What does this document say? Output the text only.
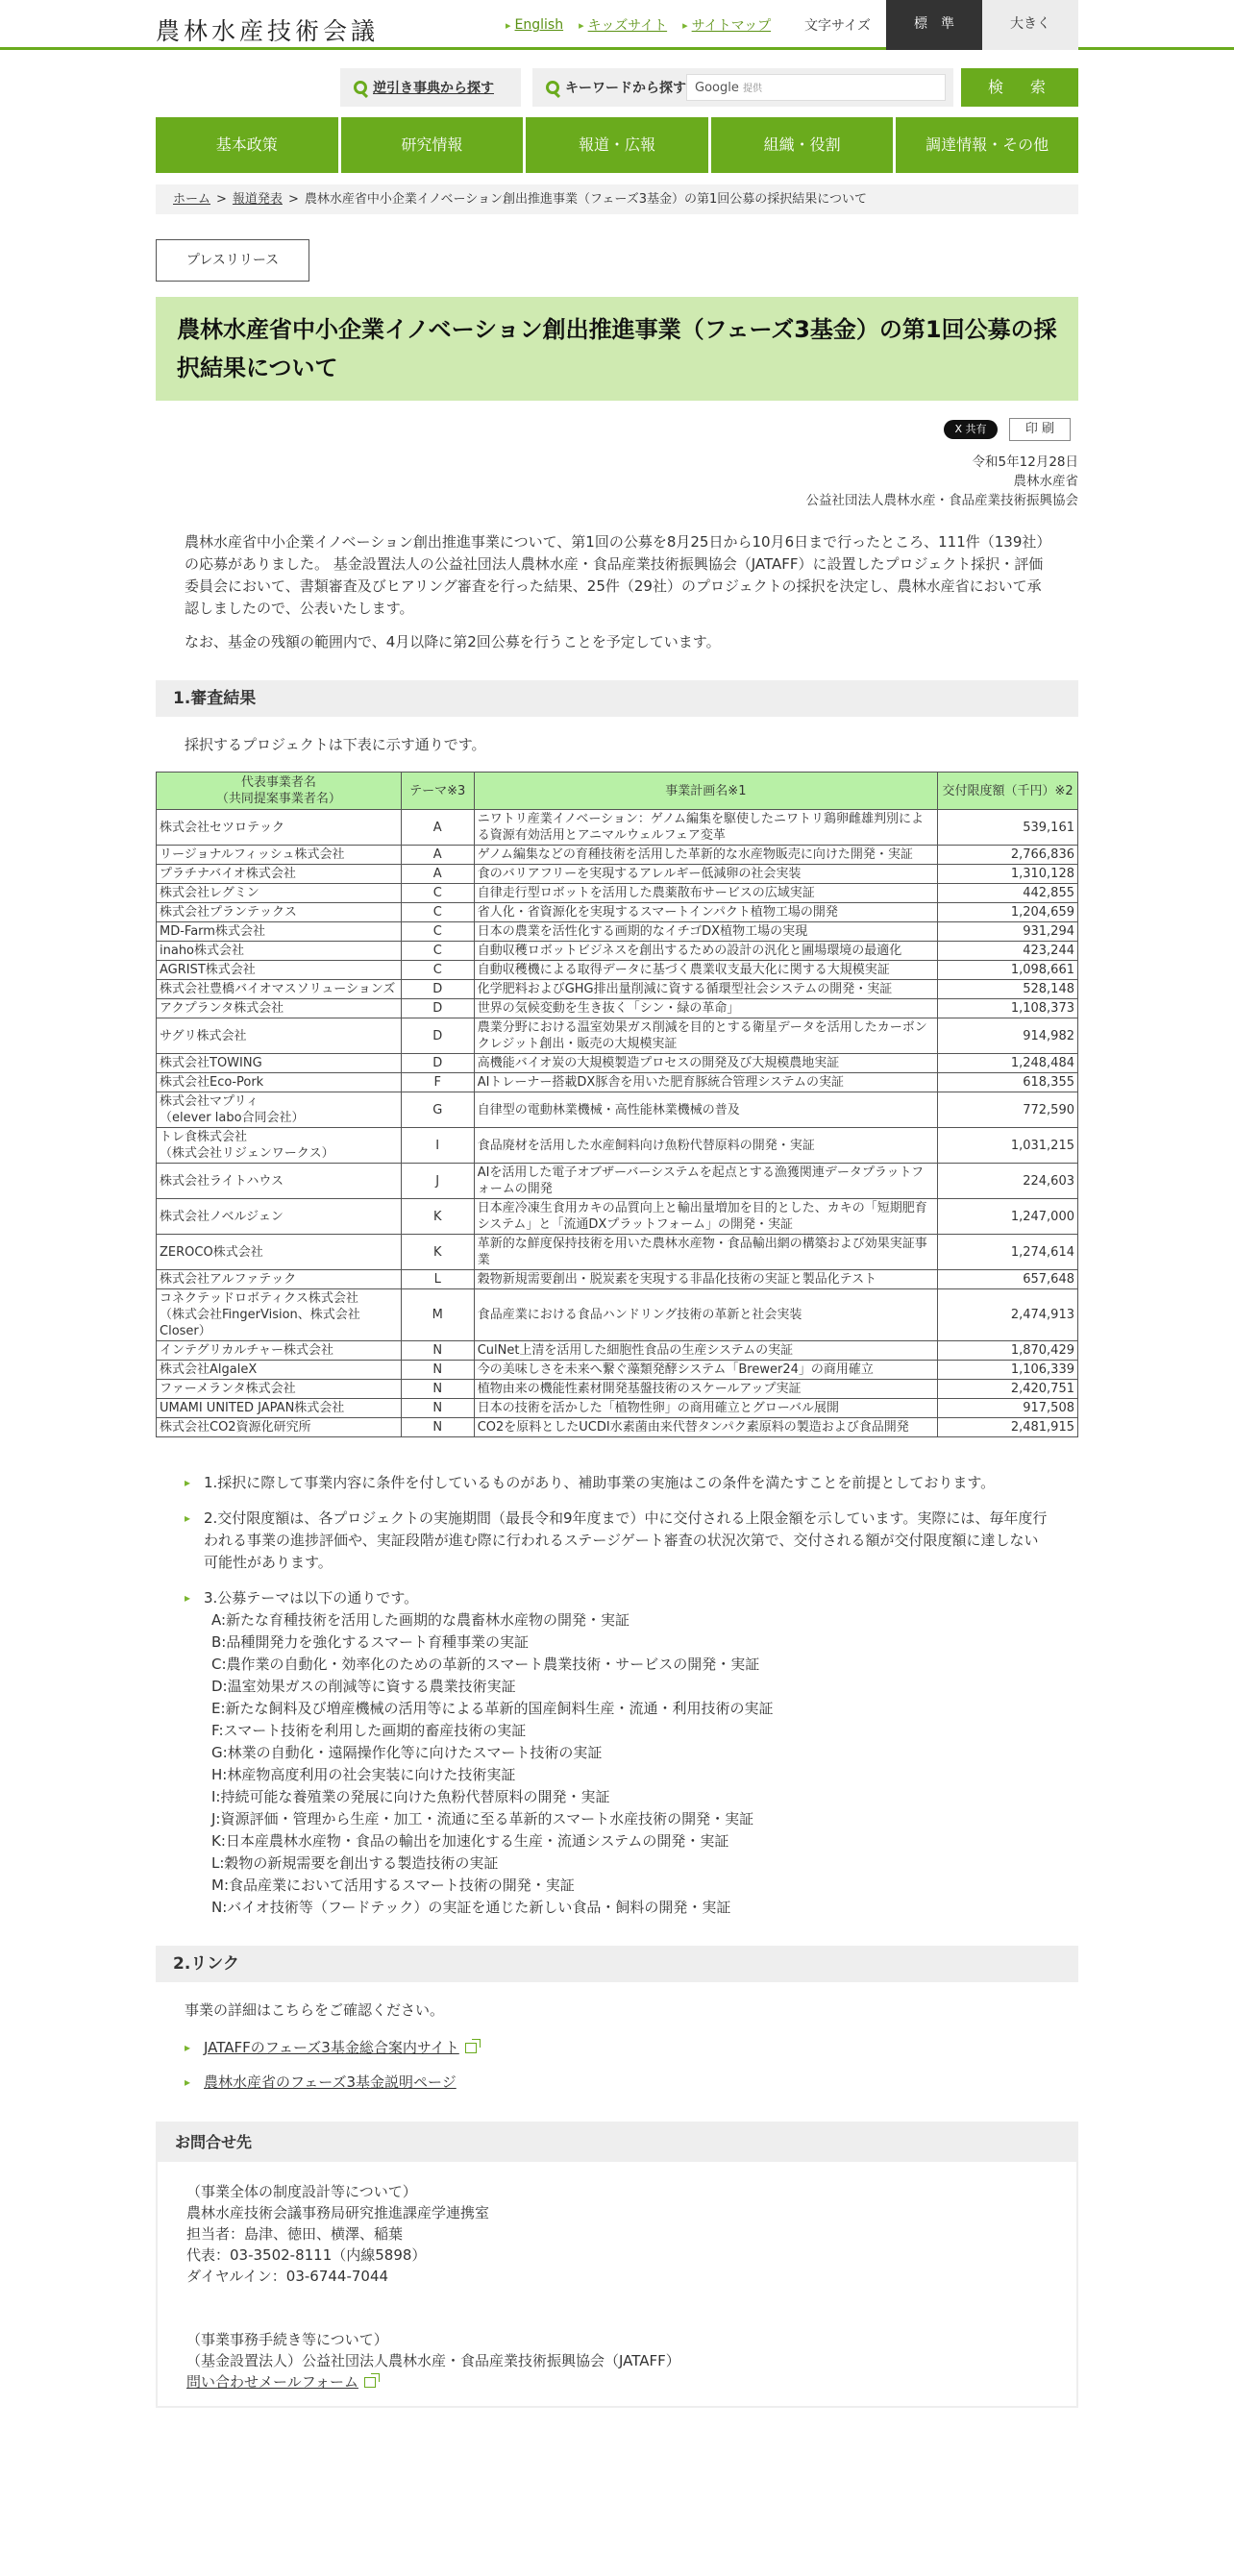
農林水産技術会議	▸ English ▸ キッズサイト ▸ サイトマップ 文字サイズ	標　準	大きく
逆引き事典から探す	キーワードから探す Google 提供	検　索
基本政策	研究情報	報道・広報	組織・役割	調達情報・その他
ホーム > 報道発表 > 農林水産省中小企業イノベーション創出推進事業（フェーズ3基金）の第1回公募の採択結果について
プレスリリース
農林水産省中小企業イノベーション創出推進事業（フェーズ3基金）の第1回公募の採択結果について
X 共有	印 刷
令和5年12月28日
農林水産省
公益社団法人農林水産・食品産業技術振興協会

農林水産省中小企業イノベーション創出推進事業について、第1回の公募を8月25日から10月6日まで行ったところ、111件（139社）の応募がありました。 基金設置法人の公益社団法人農林水産・食品産業技術振興協会（JATAFF）に設置したプロジェクト採択・評価委員会において、書類審査及びヒアリング審査を行った結果、25件（29社）のプロジェクトの採択を決定し、農林水産省において承認しましたので、公表いたします。

なお、基金の残額の範囲内で、4月以降に第2回公募を行うことを予定しています。

1.審査結果
採択するプロジェクトは下表に示す通りです。
代表事業者名
（共同提案事業者名）	テーマ※3	事業計画名※1	交付限度額（千円）※2
株式会社セツロテック	A	ニワトリ産業イノベーション：ゲノム編集を駆使したニワトリ鶏卵雌雄判別による資源有効活用とアニマルウェルフェア変革	539,161
リージョナルフィッシュ株式会社	A	ゲノム編集などの育種技術を活用した革新的な水産物販売に向けた開発・実証	2,766,836
プラチナバイオ株式会社	A	食のバリアフリーを実現するアレルギー低減卵の社会実装	1,310,128
株式会社レグミン	C	自律走行型ロボットを活用した農薬散布サービスの広域実証	442,855
株式会社プランテックス	C	省人化・省資源化を実現するスマートインパクト植物工場の開発	1,204,659
MD-Farm株式会社	C	日本の農業を活性化する画期的なイチゴDX植物工場の実現	931,294
inaho株式会社	C	自動収穫ロボットビジネスを創出するための設計の汎化と圃場環境の最適化	423,244
AGRIST株式会社	C	自動収穫機による取得データに基づく農業収支最大化に関する大規模実証	1,098,661
株式会社豊橋バイオマスソリューションズ	D	化学肥料およびGHG排出量削減に資する循環型社会システムの開発・実証	528,148
アクプランタ株式会社	D	世界の気候変動を生き抜く「シン・緑の革命」	1,108,373
サグリ株式会社	D	農業分野における温室効果ガス削減を目的とする衛星データを活用したカーボンクレジット創出・販売の大規模実証	914,982
株式会社TOWING	D	高機能バイオ炭の大規模製造プロセスの開発及び大規模農地実証	1,248,484
株式会社Eco‐Pork	F	AIトレーナー搭載DX豚舎を用いた肥育豚統合管理システムの実証	618,355
株式会社マプリィ
（elever labo合同会社）	G	自律型の電動林業機械・高性能林業機械の普及	772,590
トレ食株式会社
（株式会社リジェンワークス）	I	食品廃材を活用した水産飼料向け魚粉代替原料の開発・実証	1,031,215
株式会社ライトハウス	J	AIを活用した電子オブザーバーシステムを起点とする漁獲関連データプラットフォームの開発	224,603
株式会社ノベルジェン	K	日本産冷凍生食用カキの品質向上と輸出量増加を目的とした、カキの「短期肥育システム」と「流通DXプラットフォーム」の開発・実証	1,247,000
ZEROCO株式会社	K	革新的な鮮度保持技術を用いた農林水産物・食品輸出網の構築および効果実証事業	1,274,614
株式会社アルファテック	L	穀物新規需要創出・脱炭素を実現する非晶化技術の実証と製品化テスト	657,648
コネクテッドロボティクス株式会社
（株式会社FingerVision、株式会社Closer）	M	食品産業における食品ハンドリング技術の革新と社会実装	2,474,913
インテグリカルチャー株式会社	N	CulNet上清を活用した細胞性食品の生産システムの実証	1,870,429
株式会社AlgaleX	N	今の美味しさを未来へ繋ぐ藻類発酵システム「Brewer24」の商用確立	1,106,339
ファーメランタ株式会社	N	植物由来の機能性素材開発基盤技術のスケールアップ実証	2,420,751
UMAMI UNITED JAPAN株式会社	N	日本の技術を活かした「植物性卵」の商用確立とグローバル展開	917,508
株式会社CO2資源化研究所	N	CO2を原料としたUCDI水素菌由来代替タンパク素原料の製造および食品開発	2,481,915
▸ 1.採択に際して事業内容に条件を付しているものがあり、補助事業の実施はこの条件を満たすことを前提としております。
▸ 2.交付限度額は、各プロジェクトの実施期間（最長令和9年度まで）中に交付される上限金額を示しています。実際には、毎年度行われる事業の進捗評価や、実証段階が進む際に行われるステージゲート審査の状況次第で、交付される額が交付限度額に達しない可能性があります。
▸ 3.公募テーマは以下の通りです。
A:新たな育種技術を活用した画期的な農畜林水産物の開発・実証
B:品種開発力を強化するスマート育種事業の実証
C:農作業の自動化・効率化のための革新的スマート農業技術・サービスの開発・実証
D:温室効果ガスの削減等に資する農業技術実証
E:新たな飼料及び増産機械の活用等による革新的国産飼料生産・流通・利用技術の実証
F:スマート技術を利用した画期的畜産技術の実証
G:林業の自動化・遠隔操作化等に向けたスマート技術の実証
H:林産物高度利用の社会実装に向けた技術実証
I:持続可能な養殖業の発展に向けた魚粉代替原料の開発・実証
J:資源評価・管理から生産・加工・流通に至る革新的スマート水産技術の開発・実証
K:日本産農林水産物・食品の輸出を加速化する生産・流通システムの開発・実証
L:穀物の新規需要を創出する製造技術の実証
M:食品産業において活用するスマート技術の開発・実証
N:バイオ技術等（フードテック）の実証を通じた新しい食品・飼料の開発・実証
2.リンク
事業の詳細はこちらをご確認ください。
▸ JATAFFのフェーズ3基金総合案内サイト
▸ 農林水産省のフェーズ3基金説明ページ
お問合せ先
（事業全体の制度設計等について）
農林水産技術会議事務局研究推進課産学連携室
担当者：島津、徳田、横澤、稲葉
代表：03-3502-8111（内線5898）
ダイヤルイン：03-6744-7044
（事業事務手続き等について）
（基金設置法人）公益社団法人農林水産・食品産業技術振興協会（JATAFF）
問い合わせメールフォーム
